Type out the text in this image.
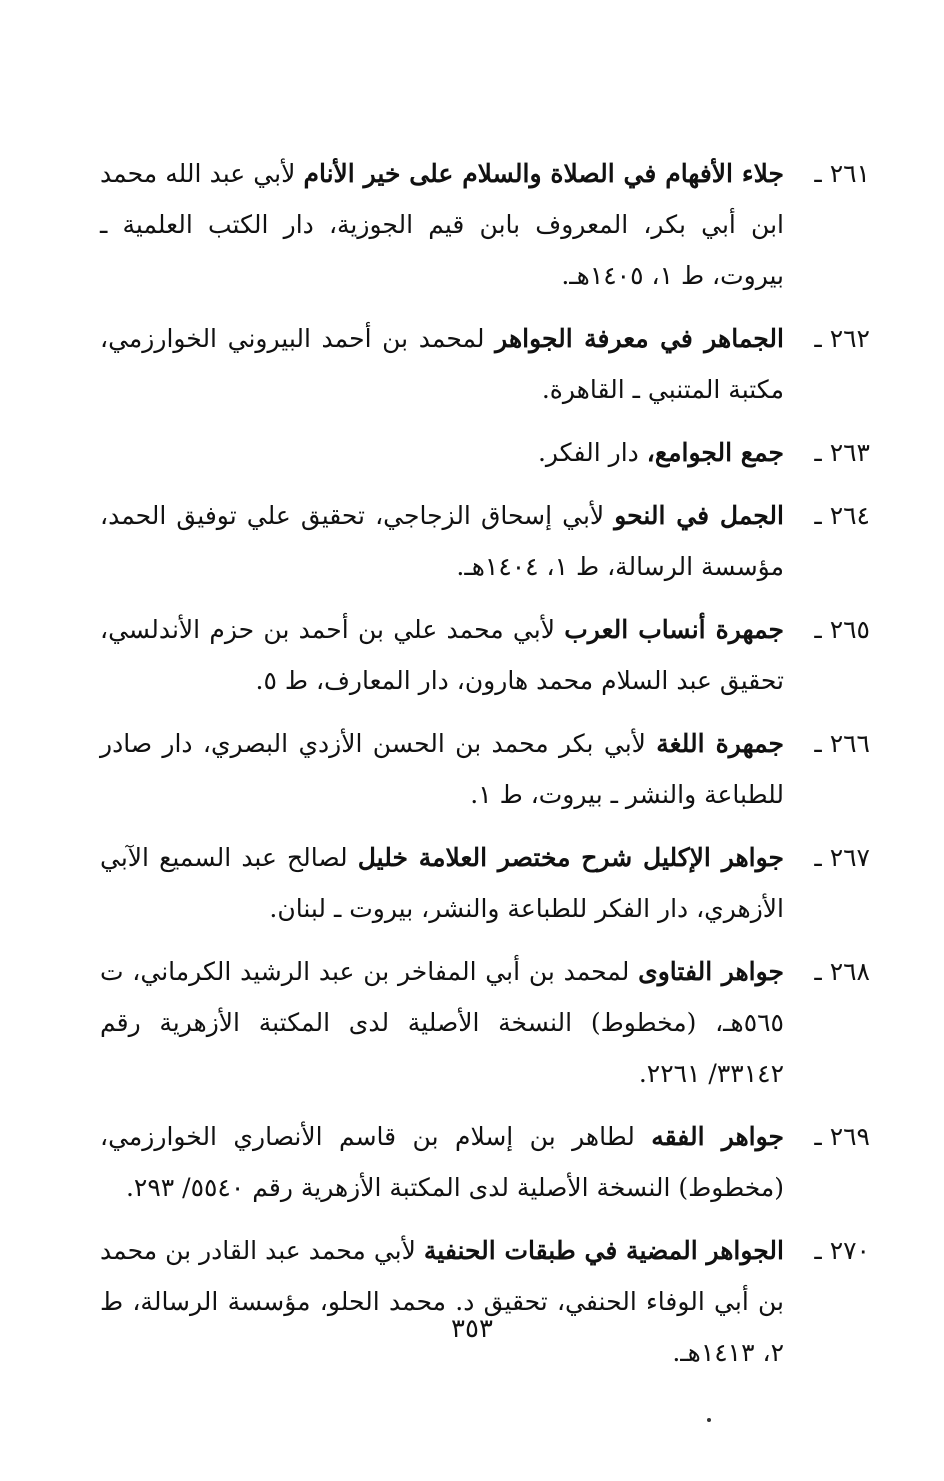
٢٦١ ـ
جلاء الأفهام في الصلاة والسلام على خير الأنام لأبي عبد الله محمد ابن أبي بكر، المعروف بابن قيم الجوزية، دار الكتب العلمية ـ بيروت، ط ١، ١٤٠٥هـ.
٢٦٢ ـ
الجماهر في معرفة الجواهر لمحمد بن أحمد البيروني الخوارزمي، مكتبة المتنبي ـ القاهرة.
٢٦٣ ـ
جمع الجوامع، دار الفكر.
٢٦٤ ـ
الجمل في النحو لأبي إسحاق الزجاجي، تحقيق علي توفيق الحمد، مؤسسة الرسالة، ط ١، ١٤٠٤هـ.
٢٦٥ ـ
جمهرة أنساب العرب لأبي محمد علي بن أحمد بن حزم الأندلسي، تحقيق عبد السلام محمد هارون، دار المعارف، ط ٥.
٢٦٦ ـ
جمهرة اللغة لأبي بكر محمد بن الحسن الأزدي البصري، دار صادر للطباعة والنشر ـ بيروت، ط ١.
٢٦٧ ـ
جواهر الإكليل شرح مختصر العلامة خليل لصالح عبد السميع الآبي الأزهري، دار الفكر للطباعة والنشر، بيروت ـ لبنان.
٢٦٨ ـ
جواهر الفتاوى لمحمد بن أبي المفاخر بن عبد الرشيد الكرماني، ت ٥٦٥هـ، (مخطوط) النسخة الأصلية لدى المكتبة الأزهرية رقم ٣٣١٤٢/ ٢٢٦١.
٢٦٩ ـ
جواهر الفقه لطاهر بن إسلام بن قاسم الأنصاري الخوارزمي، (مخطوط) النسخة الأصلية لدى المكتبة الأزهرية رقم ٥٥٤٠/ ٢٩٣.
٢٧٠ ـ
الجواهر المضية في طبقات الحنفية لأبي محمد عبد القادر بن محمد بن أبي الوفاء الحنفي، تحقيق د. محمد الحلو، مؤسسة الرسالة، ط ٢، ١٤١٣هـ.
٣٥٣
